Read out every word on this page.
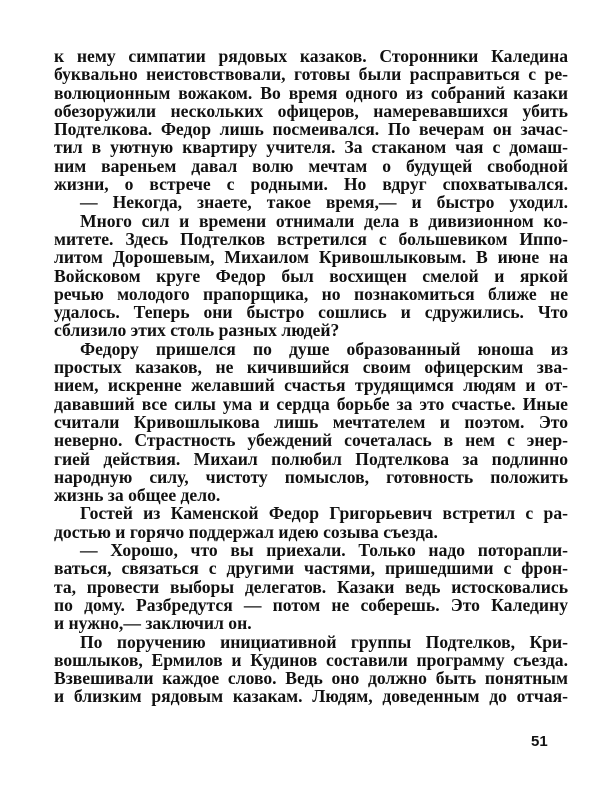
к нему симпатии рядовых казаков. Сторонники Каледина
буквально неистовствовали, готовы были расправиться с ре-
волюционным вожаком. Во время одного из собраний казаки
обезоружили нескольких офицеров, намеревавшихся убить
Подтелкова. Федор лишь посмеивался. По вечерам он зачас-
тил в уютную квартиру учителя. За стаканом чая с домаш-
ним вареньем давал волю мечтам о будущей свободной
жизни, о встрече с родными. Но вдруг спохватывался.
— Некогда, знаете, такое время,— и быстро уходил.
Много сил и времени отнимали дела в дивизионном ко-
митете. Здесь Подтелков встретился с большевиком Иппо-
литом Дорошевым, Михаилом Кривошлыковым. В июне на
Войсковом круге Федор был восхищен смелой и яркой
речью молодого прапорщика, но познакомиться ближе не
удалось. Теперь они быстро сошлись и сдружились. Что
сблизило этих столь разных людей?
Федору пришелся по душе образованный юноша из
простых казаков, не кичившийся своим офицерским зва-
нием, искренне желавший счастья трудящимся людям и от-
дававший все силы ума и сердца борьбе за это счастье. Иные
считали Кривошлыкова лишь мечтателем и поэтом. Это
неверно. Страстность убеждений сочеталась в нем с энер-
гией действия. Михаил полюбил Подтелкова за подлинно
народную силу, чистоту помыслов, готовность положить
жизнь за общее дело.
Гостей из Каменской Федор Григорьевич встретил с ра-
достью и горячо поддержал идею созыва съезда.
— Хорошо, что вы приехали. Только надо поторапли-
ваться, связаться с другими частями, пришедшими с фрон-
та, провести выборы делегатов. Казаки ведь истосковались
по дому. Разбредутся — потом не соберешь. Это Каледину
и нужно,— заключил он.
По поручению инициативной группы Подтелков, Кри-
вошлыков, Ермилов и Кудинов составили программу съезда.
Взвешивали каждое слово. Ведь оно должно быть понятным
и близким рядовым казакам. Людям, доведенным до отчая-
51
